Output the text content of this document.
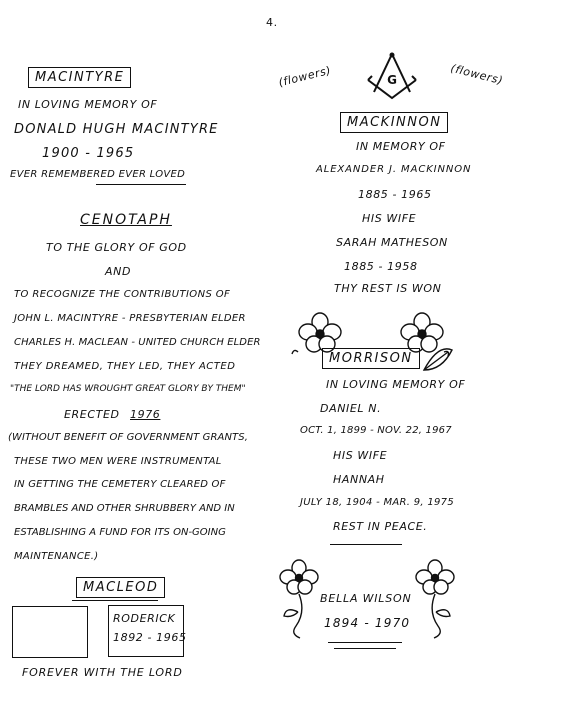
4.
MACINTYRE
IN LOVING MEMORY OF
DONALD HUGH MACINTYRE
1900 - 1965
EVER REMEMBERED EVER LOVED
CENOTAPH
TO THE GLORY OF GOD
AND
TO RECOGNIZE THE CONTRIBUTIONS OF
JOHN L. MACINTYRE - PRESBYTERIAN ELDER
CHARLES H. MACLEAN - UNITED CHURCH ELDER
THEY DREAMED, THEY LED, THEY ACTED
"THE LORD HAS WROUGHT GREAT GLORY BY THEM"
ERECTED 1976
(WITHOUT BENEFIT OF GOVERNMENT GRANTS,
THESE TWO MEN WERE INSTRUMENTAL
IN GETTING THE CEMETERY CLEARED OF
BRAMBLES AND OTHER SHRUBBERY AND IN
ESTABLISHING A FUND FOR ITS ON-GOING
MAINTENANCE.)
MACLEOD
RODERICK
1892 - 1965
FOREVER WITH THE LORD
(flowers)	(flowers)
G
MACKINNON
IN MEMORY OF
ALEXANDER J. MACKINNON
1885 - 1965
HIS WIFE
SARAH MATHESON
1885 - 1958
THY REST IS WON
MORRISON
IN LOVING MEMORY OF
DANIEL N.
OCT. 1, 1899 - NOV. 22, 1967
HIS WIFE
HANNAH
JULY 18, 1904 - MAR. 9, 1975
REST IN PEACE.
BELLA WILSON
1894 - 1970
